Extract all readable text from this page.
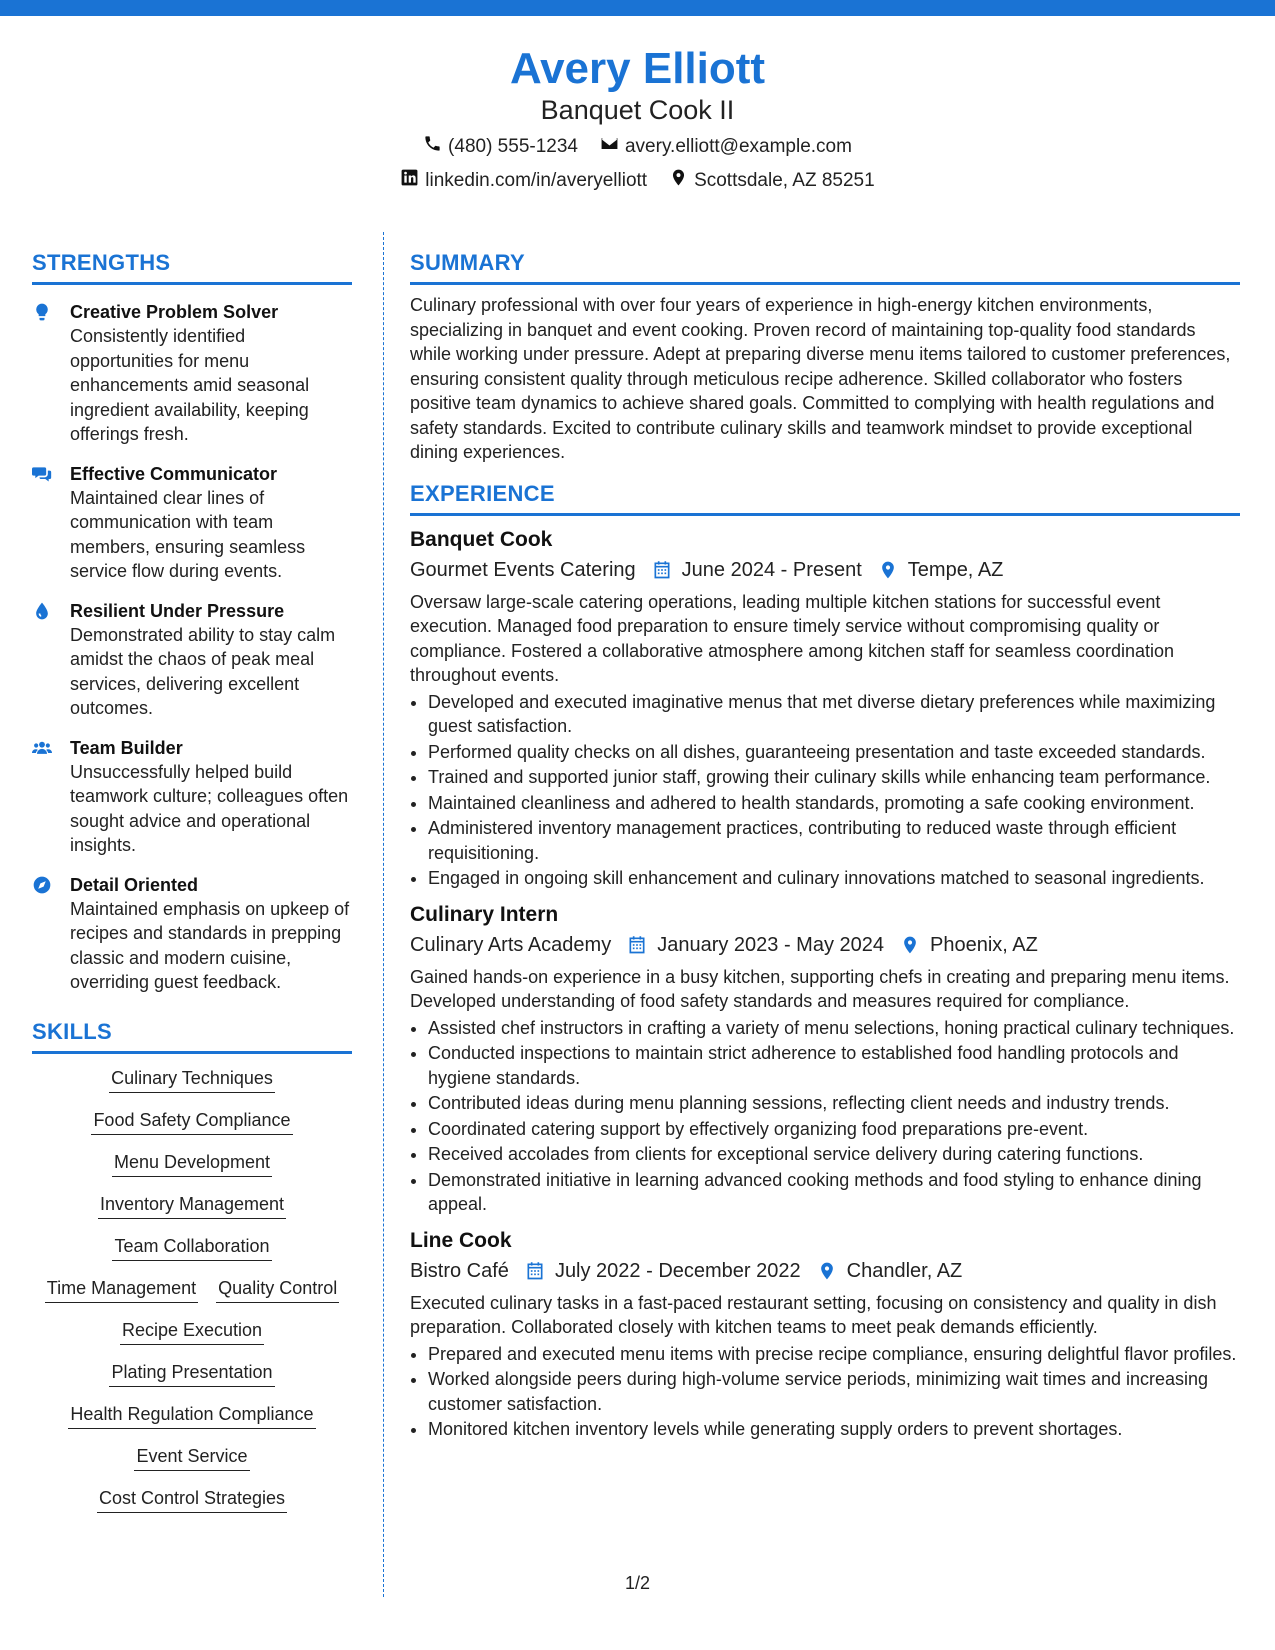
Avery Elliott
Banquet Cook II
(480) 555-1234 avery.elliott@example.com
linkedin.com/in/averyelliott Scottsdale, AZ 85251
STRENGTHS
Creative Problem Solver
Consistently identified opportunities for menu enhancements amid seasonal ingredient availability, keeping offerings fresh.
Effective Communicator
Maintained clear lines of communication with team members, ensuring seamless service flow during events.
Resilient Under Pressure
Demonstrated ability to stay calm amidst the chaos of peak meal services, delivering excellent outcomes.
Team Builder
Unsuccessfully helped build teamwork culture; colleagues often sought advice and operational insights.
Detail Oriented
Maintained emphasis on upkeep of recipes and standards in prepping classic and modern cuisine, overriding guest feedback.
SKILLS
Culinary Techniques
Food Safety Compliance
Menu Development
Inventory Management
Team Collaboration
Time Management Quality Control
Recipe Execution
Plating Presentation
Health Regulation Compliance
Event Service
Cost Control Strategies
SUMMARY
Culinary professional with over four years of experience in high-energy kitchen environments, specializing in banquet and event cooking. Proven record of maintaining top-quality food standards while working under pressure. Adept at preparing diverse menu items tailored to customer preferences, ensuring consistent quality through meticulous recipe adherence. Skilled collaborator who fosters positive team dynamics to achieve shared goals. Committed to complying with health regulations and safety standards. Excited to contribute culinary skills and teamwork mindset to provide exceptional dining experiences.
EXPERIENCE
Banquet Cook
Gourmet Events Catering June 2024 - Present Tempe, AZ
Oversaw large-scale catering operations, leading multiple kitchen stations for successful event execution. Managed food preparation to ensure timely service without compromising quality or compliance. Fostered a collaborative atmosphere among kitchen staff for seamless coordination throughout events.
• Developed and executed imaginative menus that met diverse dietary preferences while maximizing guest satisfaction.
• Performed quality checks on all dishes, guaranteeing presentation and taste exceeded standards.
• Trained and supported junior staff, growing their culinary skills while enhancing team performance.
• Maintained cleanliness and adhered to health standards, promoting a safe cooking environment.
• Administered inventory management practices, contributing to reduced waste through efficient requisitioning.
• Engaged in ongoing skill enhancement and culinary innovations matched to seasonal ingredients.
Culinary Intern
Culinary Arts Academy January 2023 - May 2024 Phoenix, AZ
Gained hands-on experience in a busy kitchen, supporting chefs in creating and preparing menu items. Developed understanding of food safety standards and measures required for compliance.
• Assisted chef instructors in crafting a variety of menu selections, honing practical culinary techniques.
• Conducted inspections to maintain strict adherence to established food handling protocols and hygiene standards.
• Contributed ideas during menu planning sessions, reflecting client needs and industry trends.
• Coordinated catering support by effectively organizing food preparations pre-event.
• Received accolades from clients for exceptional service delivery during catering functions.
• Demonstrated initiative in learning advanced cooking methods and food styling to enhance dining appeal.
Line Cook
Bistro Café July 2022 - December 2022 Chandler, AZ
Executed culinary tasks in a fast-paced restaurant setting, focusing on consistency and quality in dish preparation. Collaborated closely with kitchen teams to meet peak demands efficiently.
• Prepared and executed menu items with precise recipe compliance, ensuring delightful flavor profiles.
• Worked alongside peers during high-volume service periods, minimizing wait times and increasing customer satisfaction.
• Monitored kitchen inventory levels while generating supply orders to prevent shortages.
1/2
